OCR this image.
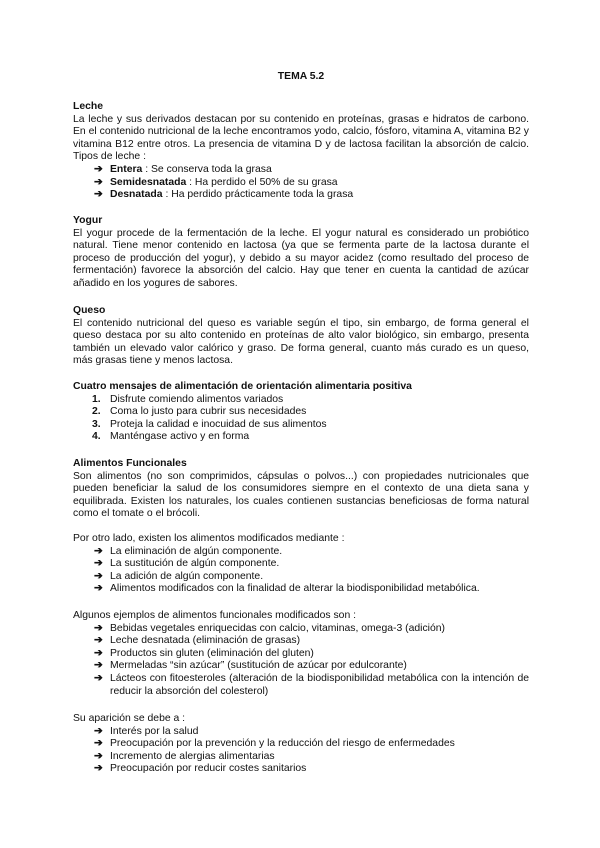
TEMA 5.2

Leche

La leche y sus derivados destacan por su contenido en proteínas, grasas e hidratos de carbono. En el contenido nutricional de la leche encontramos yodo, calcio, fósforo, vitamina A, vitamina B2 y vitamina B12 entre otros. La presencia de vitamina D y de lactosa facilitan la absorción de calcio. Tipos de leche :

➔ Entera : Se conserva toda la grasa
➔ Semidesnatada : Ha perdido el 50% de su grasa
➔ Desnatada : Ha perdido prácticamente toda la grasa

Yogur

El yogur procede de la fermentación de la leche. El yogur natural es considerado un probiótico natural. Tiene menor contenido en lactosa (ya que se fermenta parte de la lactosa durante el proceso de producción del yogur), y debido a su mayor acidez (como resultado del proceso de fermentación) favorece la absorción del calcio. Hay que tener en cuenta la cantidad de azúcar añadido en los yogures de sabores.

Queso

El contenido nutricional del queso es variable según el tipo, sin embargo, de forma general el queso destaca por su alto contenido en proteínas de alto valor biológico, sin embargo, presenta también un elevado valor calórico y graso. De forma general, cuanto más curado es un queso, más grasas tiene y menos lactosa.

Cuatro mensajes de alimentación de orientación alimentaria positiva

1. Disfrute comiendo alimentos variados
2. Coma lo justo para cubrir sus necesidades
3. Proteja la calidad e inocuidad de sus alimentos
4. Manténgase activo y en forma

Alimentos Funcionales

Son alimentos (no son comprimidos, cápsulas o polvos...) con propiedades nutricionales que pueden beneficiar la salud de los consumidores siempre en el contexto de una dieta sana y equilibrada. Existen los naturales, los cuales contienen sustancias beneficiosas de forma natural como el tomate o el brócoli.

Por otro lado, existen los alimentos modificados mediante :

➔ La eliminación de algún componente.
➔ La sustitución de algún componente.
➔ La adición de algún componente.
➔ Alimentos modificados con la finalidad de alterar la biodisponibilidad metabólica.

Algunos ejemplos de alimentos funcionales modificados son :

➔ Bebidas vegetales enriquecidas con calcio, vitaminas, omega-3 (adición)
➔ Leche desnatada (eliminación de grasas)
➔ Productos sin gluten (eliminación del gluten)
➔ Mermeladas “sin azúcar” (sustitución de azúcar por edulcorante)
➔ Lácteos con fitoesteroles (alteración de la biodisponibilidad metabólica con la intención de reducir la absorción del colesterol)

Su aparición se debe a :

➔ Interés por la salud
➔ Preocupación por la prevención y la reducción del riesgo de enfermedades
➔ Incremento de alergias alimentarias
➔ Preocupación por reducir costes sanitarios
